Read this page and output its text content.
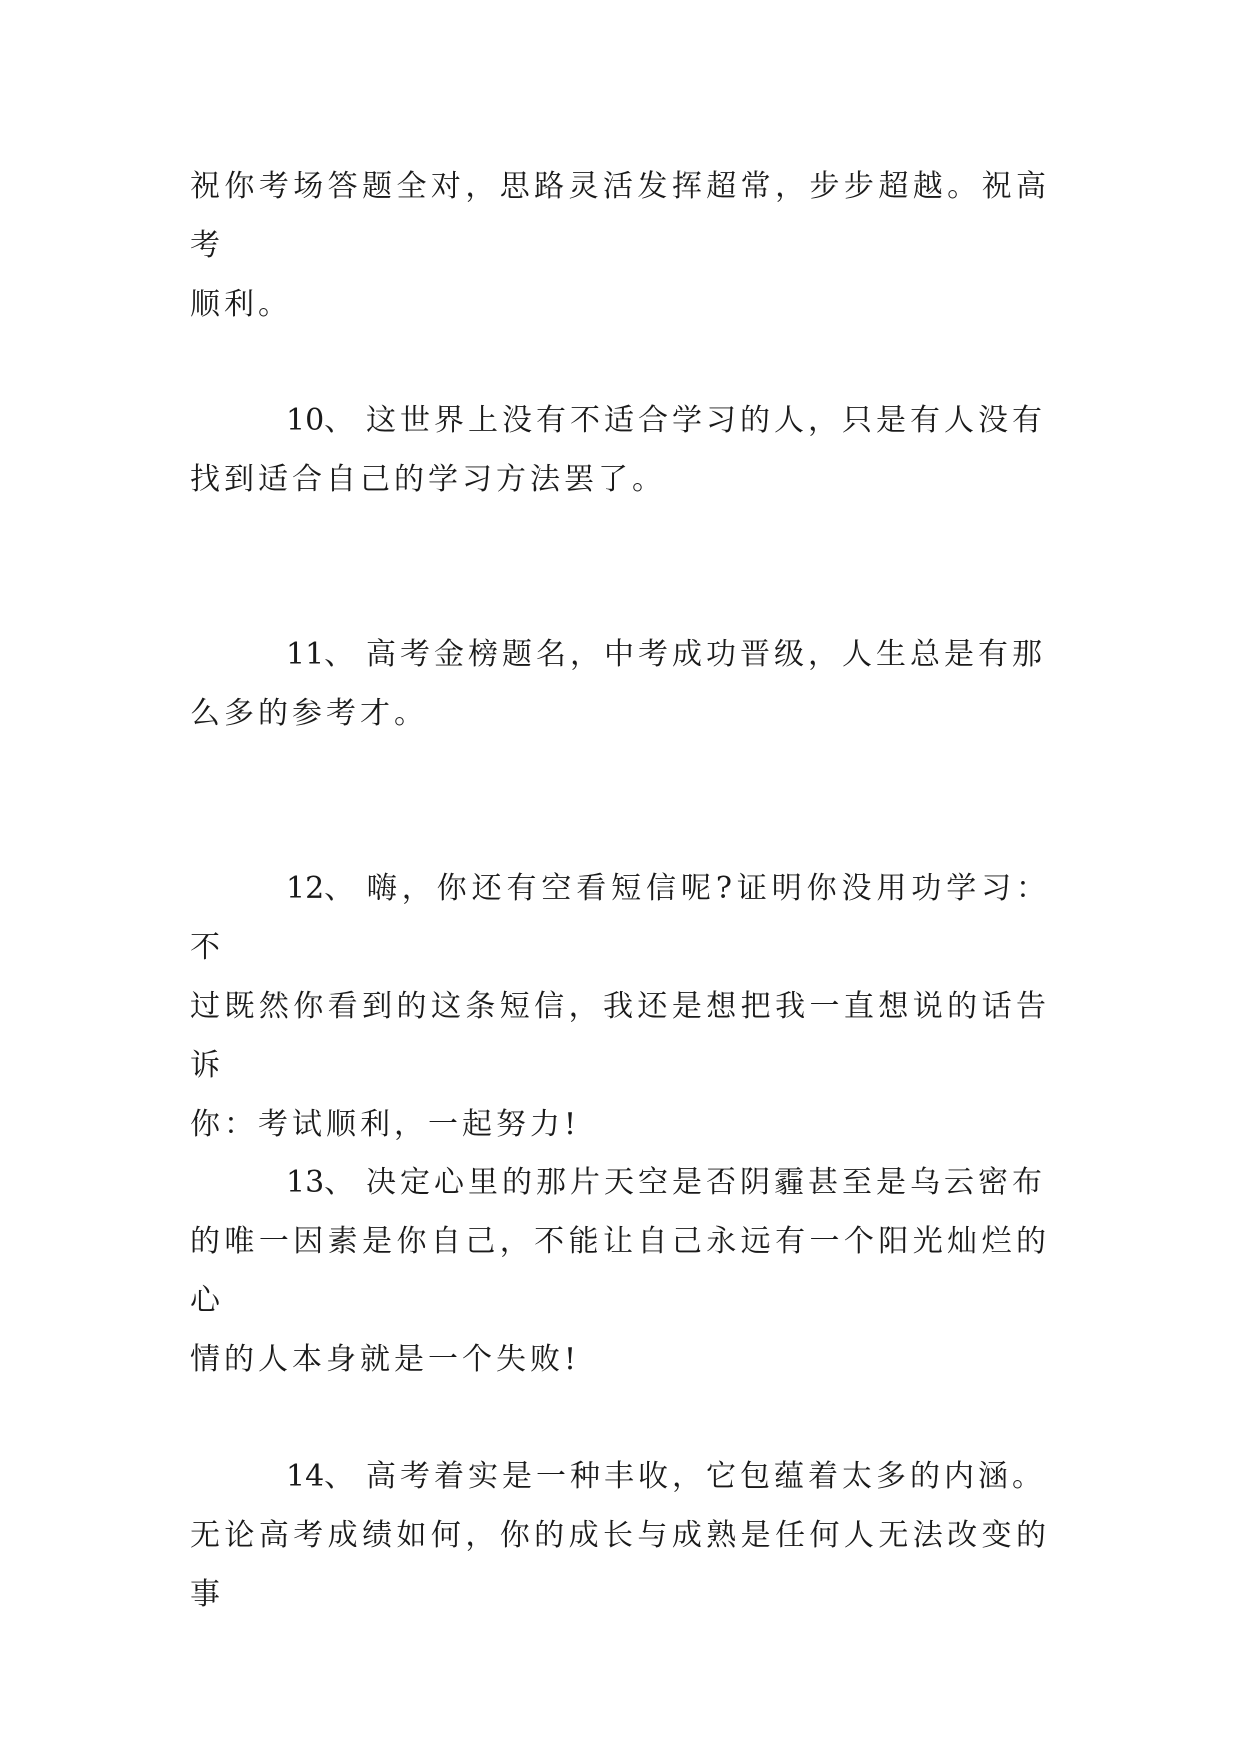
祝你考场答题全对，思路灵活发挥超常，步步超越。祝高考
顺利。

10、 这世界上没有不适合学习的人，只是有人没有
找到适合自己的学习方法罢了。

11、 高考金榜题名，中考成功晋级，人生总是有那
么多的参考才。

12、 嗨，你还有空看短信呢?证明你没用功学习：不
过既然你看到的这条短信，我还是想把我一直想说的话告诉
你：考试顺利，一起努力!

13、 决定心里的那片天空是否阴霾甚至是乌云密布
的唯一因素是你自己，不能让自己永远有一个阳光灿烂的心
情的人本身就是一个失败!

14、 高考着实是一种丰收，它包蕴着太多的内涵。
无论高考成绩如何，你的成长与成熟是任何人无法改变的事
